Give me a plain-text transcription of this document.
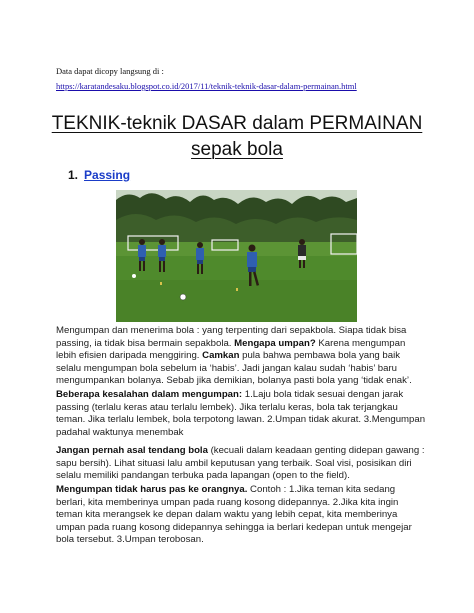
Data dapat dicopy langsung di :
https://karatandesaku.blogspot.co.id/2017/11/teknik-teknik-dasar-dalam-permainan.html
TEKNIK-teknik DASAR dalam PERMAINAN
sepak bola
1. Passing
Mengumpan dan menerima bola : yang terpenting dari sepakbola. Siapa tidak bisa passing, ia tidak bisa bermain sepakbola. Mengapa umpan? Karena mengumpan lebih efisien daripada menggiring. Camkan pula bahwa pembawa bola yang baik selalu mengumpan bola sebelum ia ‘habis’. Jadi jangan kalau sudah ‘habis’ baru mengumpankan bolanya. Sebab jika demikian, bolanya pasti bola yang ‘tidak enak’.
Beberapa kesalahan dalam mengumpan: 1.Laju bola tidak sesuai dengan jarak passing (terlalu keras atau terlalu lembek). Jika terlalu keras, bola tak terjangkau teman. Jika terlalu lembek, bola terpotong lawan. 2.Umpan tidak akurat. 3.Mengumpan padahal waktunya menembak
Jangan pernah asal tendang bola (kecuali dalam keadaan genting didepan gawang : sapu bersih). Lihat situasi lalu ambil keputusan yang terbaik. Soal visi, posisikan diri selalu memiliki pandangan terbuka pada lapangan (open to the field).
Mengumpan tidak harus pas ke orangnya. Contoh : 1.Jika teman kita sedang berlari, kita memberinya umpan pada ruang kosong didepannya. 2.Jika kita ingin teman kita merangsek ke depan dalam waktu yang lebih cepat, kita memberinya umpan pada ruang kosong didepannya sehingga ia berlari kedepan untuk mengejar bola tersebut. 3.Umpan terobosan.
